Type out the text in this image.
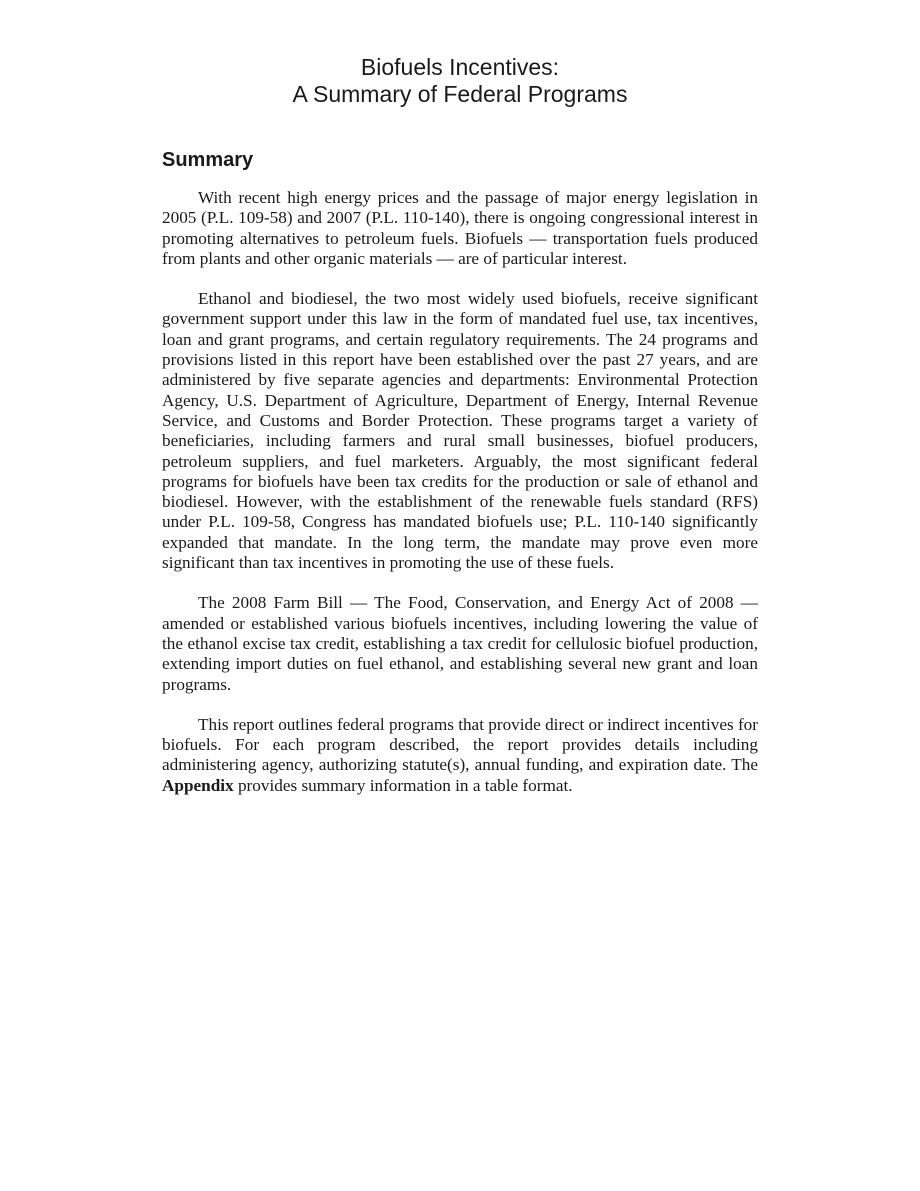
Biofuels Incentives:
A Summary of Federal Programs
Summary

With recent high energy prices and the passage of major energy legislation in 2005 (P.L. 109-58) and 2007 (P.L. 110-140), there is ongoing congressional interest in promoting alternatives to petroleum fuels. Biofuels — transportation fuels produced from plants and other organic materials — are of particular interest.

Ethanol and biodiesel, the two most widely used biofuels, receive significant government support under this law in the form of mandated fuel use, tax incentives, loan and grant programs, and certain regulatory requirements. The 24 programs and provisions listed in this report have been established over the past 27 years, and are administered by five separate agencies and departments: Environmental Protection Agency, U.S. Department of Agriculture, Department of Energy, Internal Revenue Service, and Customs and Border Protection. These programs target a variety of beneficiaries, including farmers and rural small businesses, biofuel producers, petroleum suppliers, and fuel marketers. Arguably, the most significant federal programs for biofuels have been tax credits for the production or sale of ethanol and biodiesel. However, with the establishment of the renewable fuels standard (RFS) under P.L. 109-58, Congress has mandated biofuels use; P.L. 110-140 significantly expanded that mandate. In the long term, the mandate may prove even more significant than tax incentives in promoting the use of these fuels.

The 2008 Farm Bill — The Food, Conservation, and Energy Act of 2008 — amended or established various biofuels incentives, including lowering the value of the ethanol excise tax credit, establishing a tax credit for cellulosic biofuel production, extending import duties on fuel ethanol, and establishing several new grant and loan programs.

This report outlines federal programs that provide direct or indirect incentives for biofuels. For each program described, the report provides details including administering agency, authorizing statute(s), annual funding, and expiration date. The Appendix provides summary information in a table format.
